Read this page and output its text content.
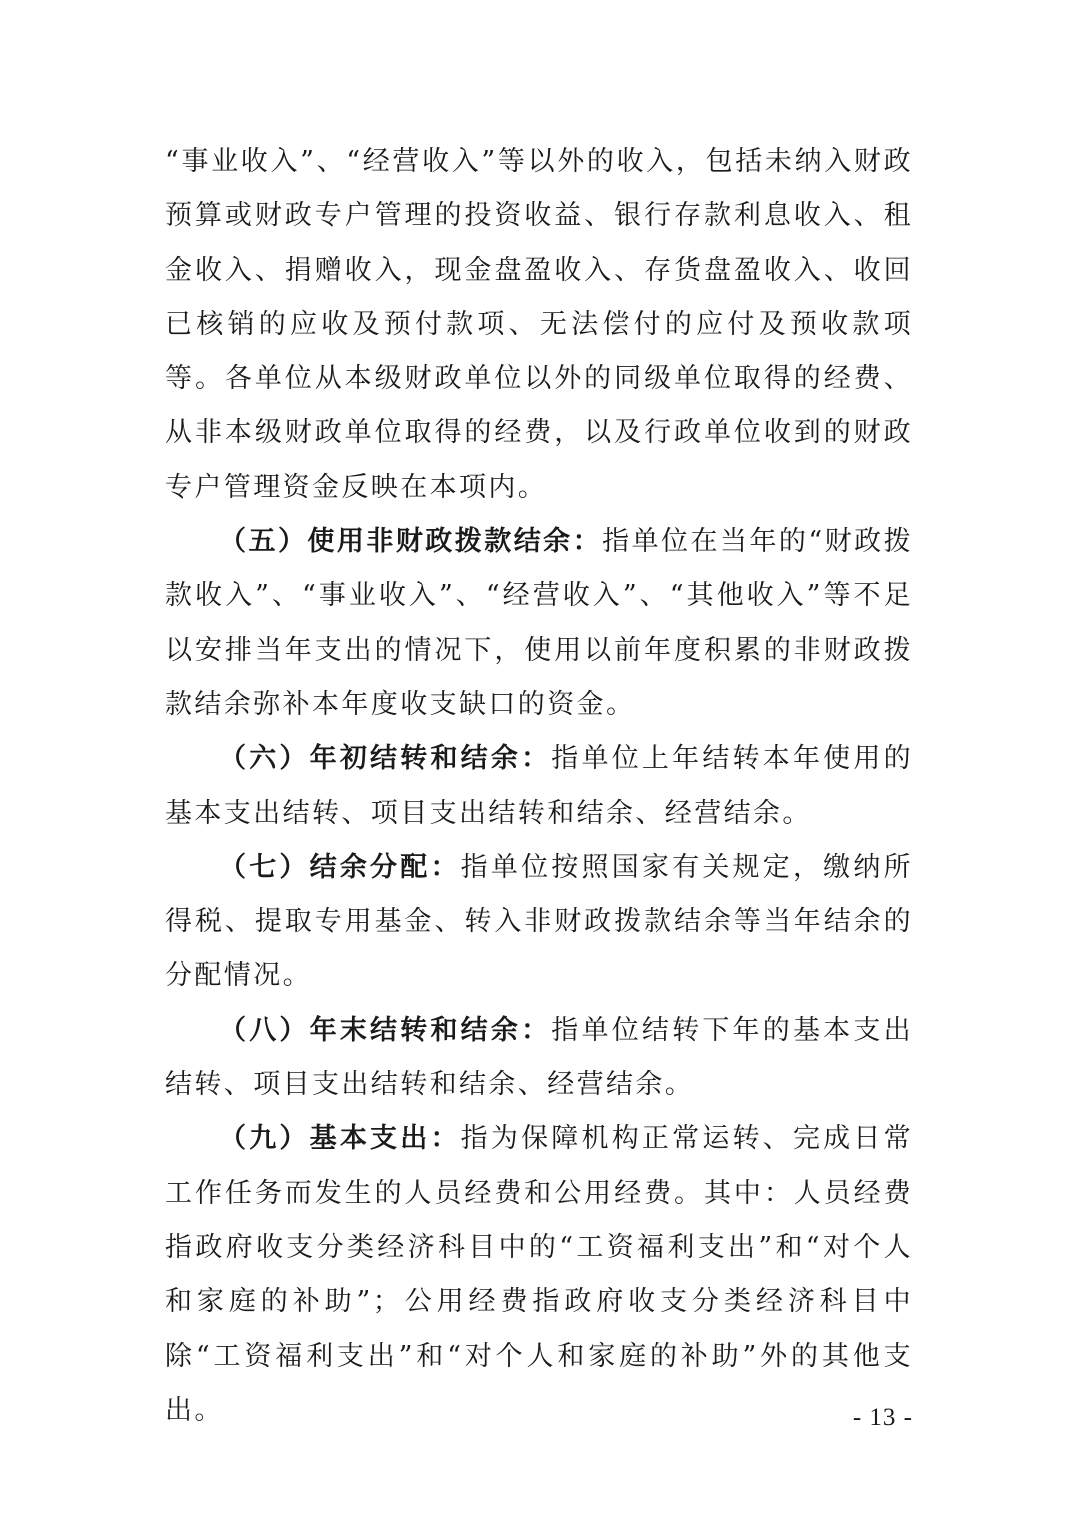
“事业收入”、“经营收入”等以外的收入，包括未纳入财政预算或财政专户管理的投资收益、银行存款利息收入、租金收入、捐赠收入，现金盘盈收入、存货盘盈收入、收回已核销的应收及预付款项、无法偿付的应付及预收款项等。各单位从本级财政单位以外的同级单位取得的经费、从非本级财政单位取得的经费，以及行政单位收到的财政专户管理资金反映在本项内。

（五）使用非财政拨款结余：指单位在当年的“财政拨款收入”、“事业收入”、“经营收入”、“其他收入”等不足以安排当年支出的情况下，使用以前年度积累的非财政拨款结余弥补本年度收支缺口的资金。

（六）年初结转和结余：指单位上年结转本年使用的基本支出结转、项目支出结转和结余、经营结余。

（七）结余分配：指单位按照国家有关规定，缴纳所得税、提取专用基金、转入非财政拨款结余等当年结余的分配情况。

（八）年末结转和结余：指单位结转下年的基本支出结转、项目支出结转和结余、经营结余。

（九）基本支出：指为保障机构正常运转、完成日常工作任务而发生的人员经费和公用经费。其中：人员经费指政府收支分类经济科目中的“工资福利支出”和“对个人和家庭的补助”；公用经费指政府收支分类经济科目中除“工资福利支出”和“对个人和家庭的补助”外的其他支出。	- 13 -
